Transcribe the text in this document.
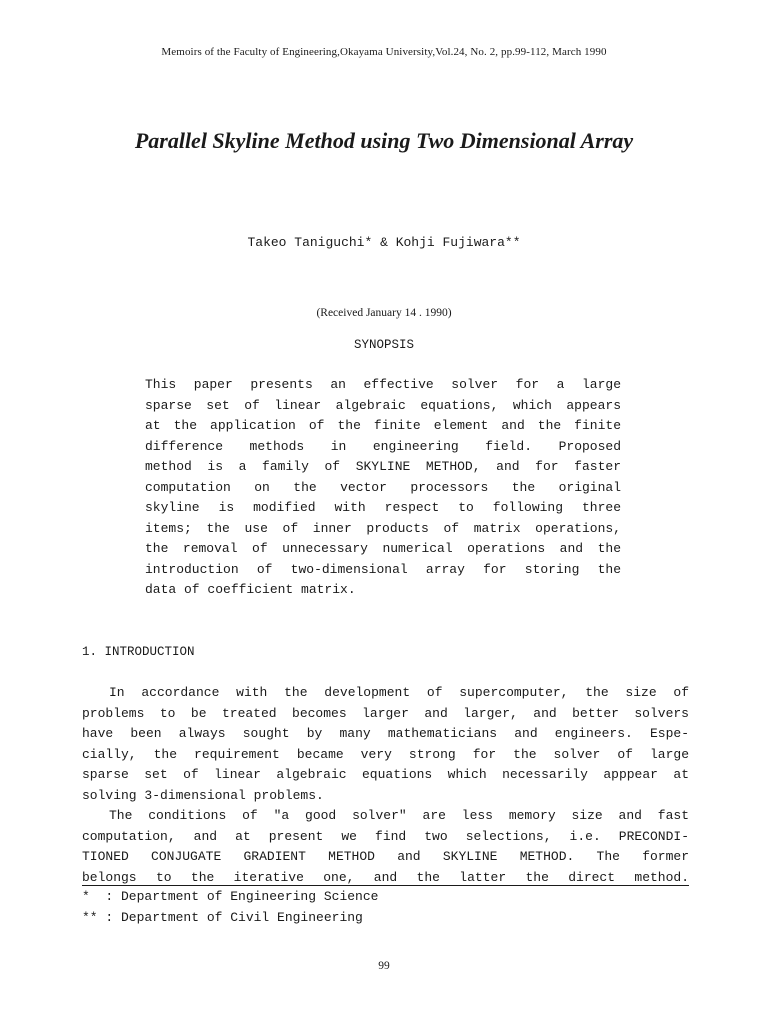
Memoirs of the Faculty of Engineering,Okayama University,Vol.24, No. 2, pp.99-112, March 1990
Parallel Skyline Method using Two Dimensional Array
Takeo Taniguchi* & Kohji Fujiwara**
(Received January 14 . 1990)
SYNOPSIS
This paper presents an effective solver for a large
sparse set of linear algebraic equations, which appears
at the application of the finite element and the finite
difference methods in engineering field. Proposed
method is a family of SKYLINE METHOD, and for faster
computation on the vector processors the original
skyline is modified with respect to following three
items; the use of inner products of matrix operations,
the removal of unnecessary numerical operations and the
introduction of two-dimensional array for storing the
data of coefficient matrix.
1. INTRODUCTION
In accordance with the development of supercomputer, the size of
problems to be treated becomes larger and larger, and better solvers
have been always sought by many mathematicians and engineers. Espe-
cially, the requirement became very strong for the solver of large
sparse set of linear algebraic equations which necessarily apppear at
solving 3-dimensional problems.
The conditions of "a good solver" are less memory size and fast
computation, and at present we find two selections, i.e. PRECONDI-
TIONED CONJUGATE GRADIENT METHOD and SKYLINE METHOD. The former
belongs to the iterative one, and the latter the direct method.
*  : Department of Engineering Science
** : Department of Civil Engineering
99
